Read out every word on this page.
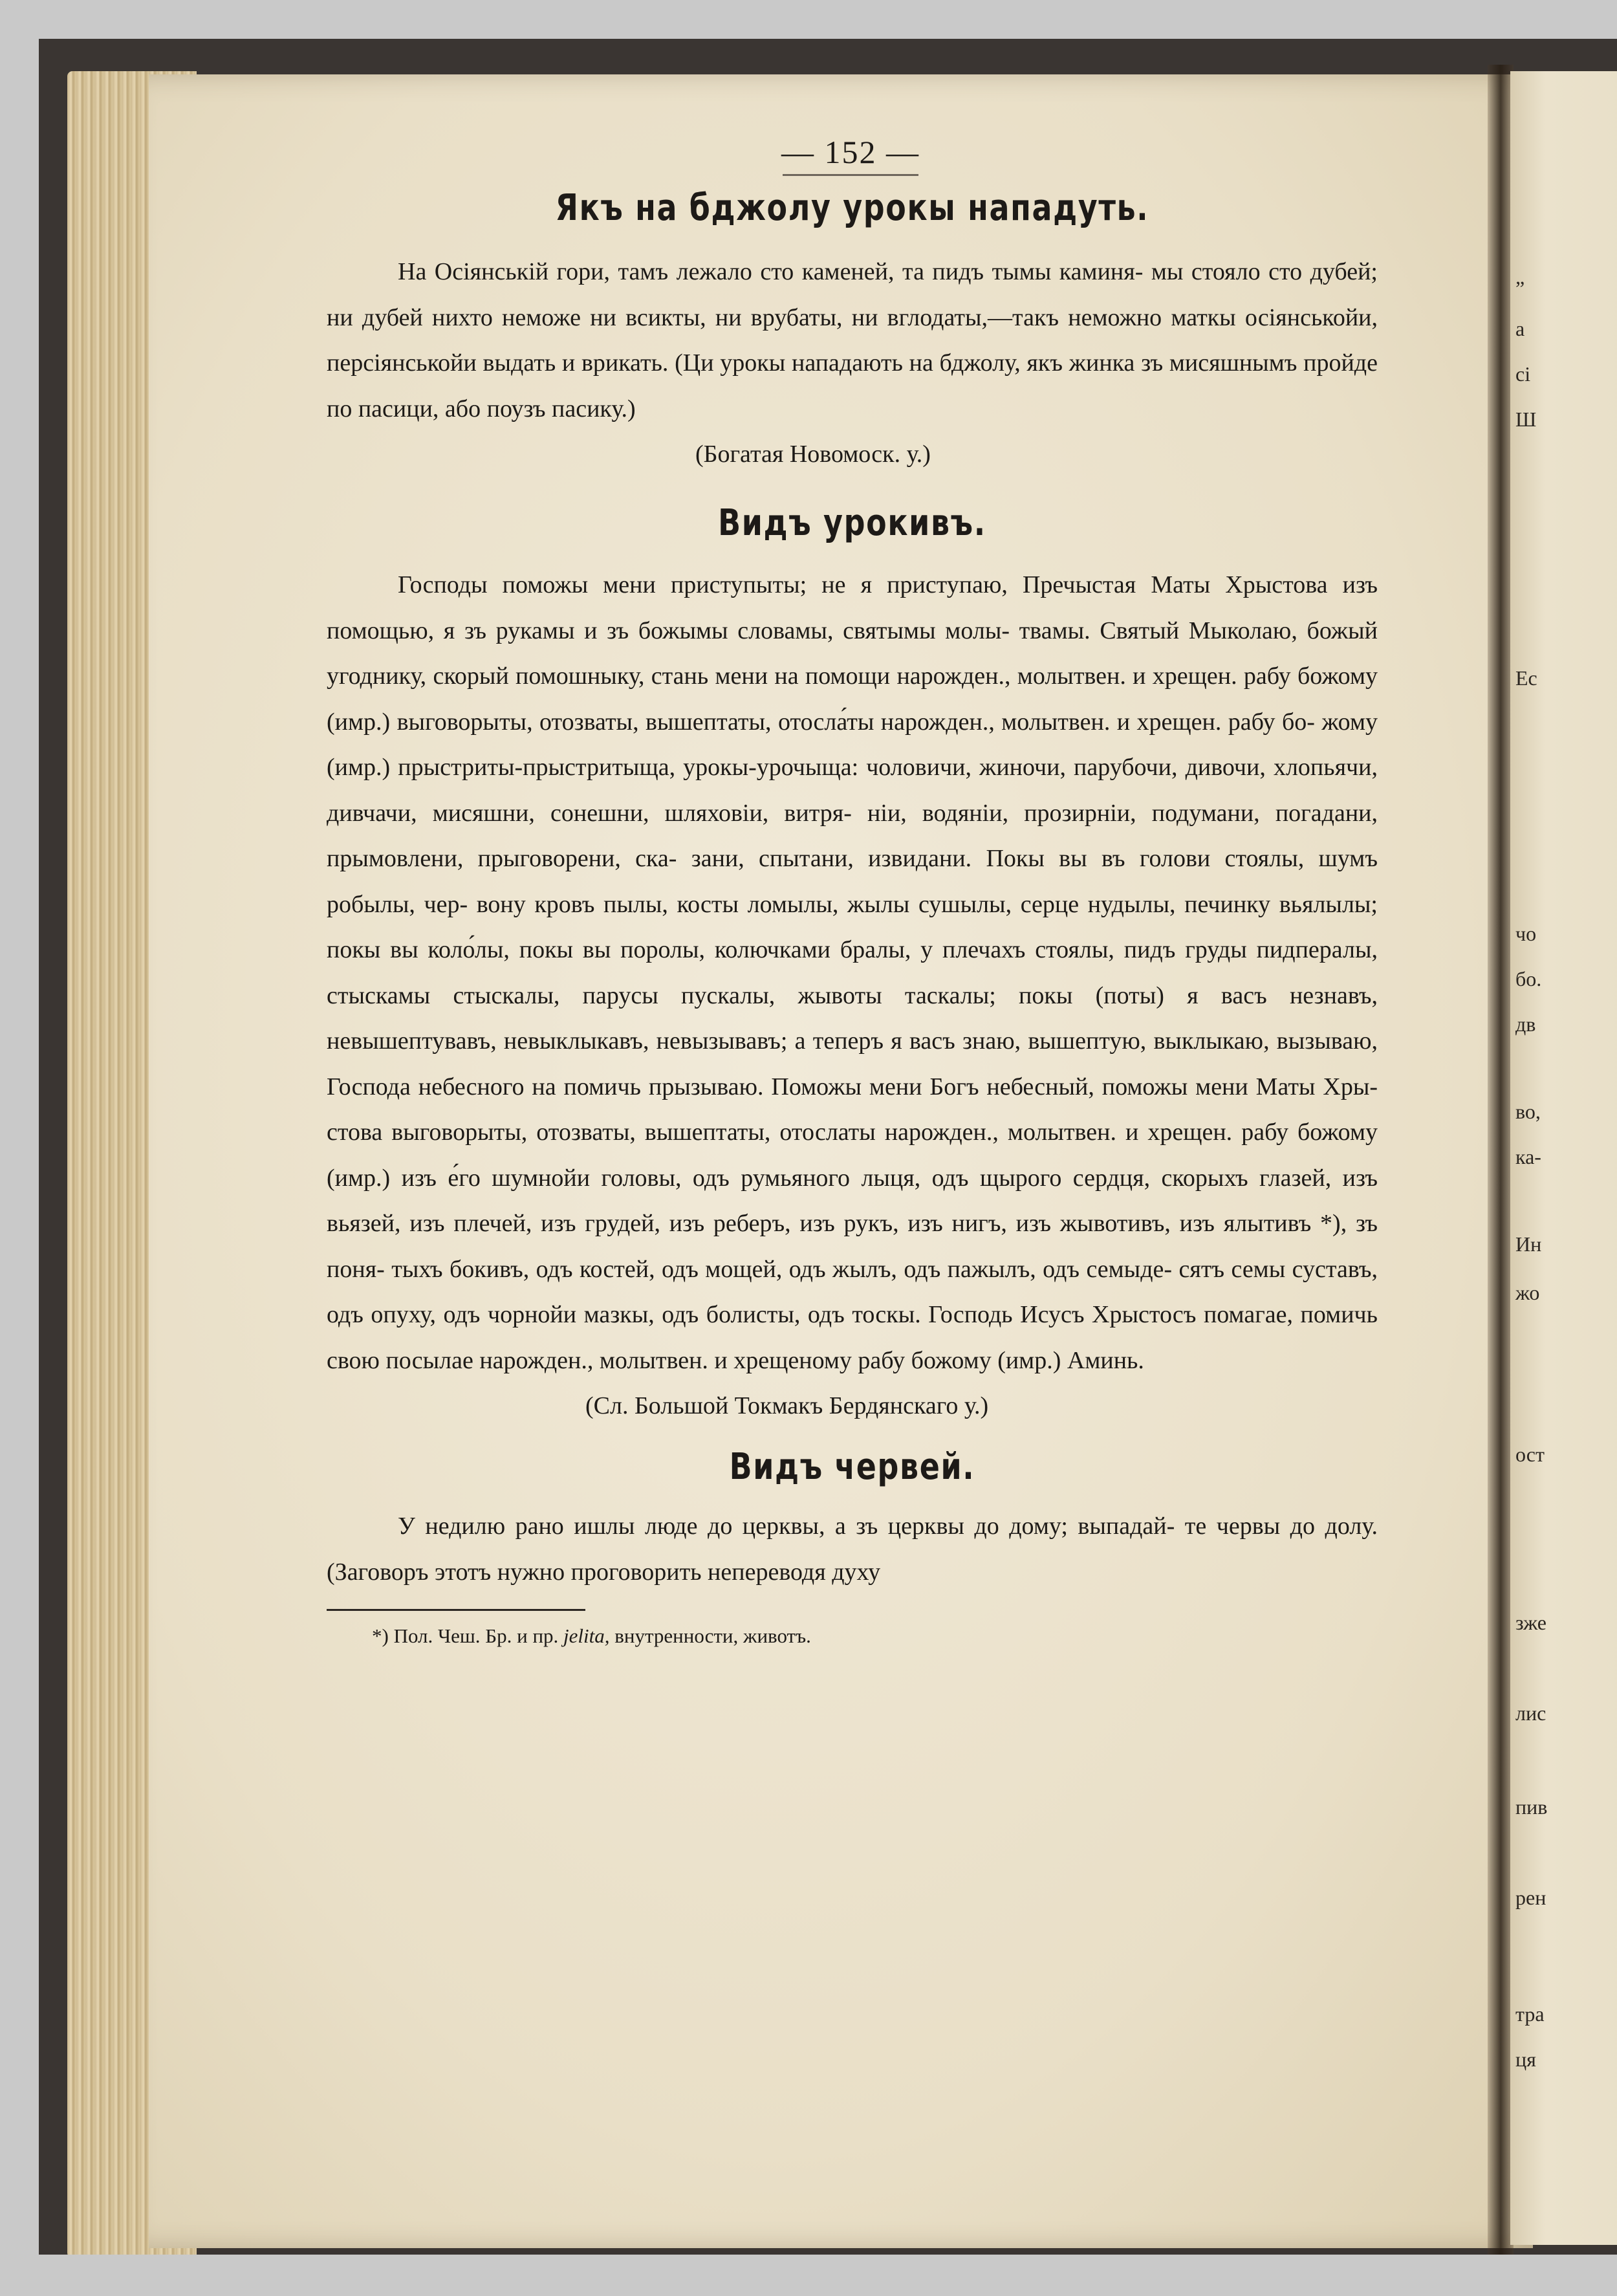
„
а
сі
Ш
Ес
чо
бо.
дв
во,
ка-
Ин
жо
ост
зже
лис
пив
рен
тра
ця
— 152 —
Якъ на бджолу урокы нападуть.

На Осіянській гори, тамъ лежало сто каменей, та пидъ тымы каминя- мы стояло сто дубей; ни дубей нихто неможе ни всикты, ни врубаты, ни вглодаты,—такъ неможно маткы осіянськойи, персіянськойи выдать и врикать. (Ци урокы нападають на бджолу, якъ жинка зъ мисяшнымъ пройде по пасици, або поузъ пасику.)

(Богатая Новомоск. у.)

Видъ урокивъ.

Господы поможы мени приступыты; не я приступаю, Пречыстая Маты Хрыстова изъ помощью, я зъ рукамы и зъ божымы словамы, святымы молы- твамы. Святый Мыколаю, божый угоднику, скорый помошныку, стань мени на помощи нарожден., молытвен. и хрещен. рабу божому (имр.) выговорыты, отозваты, вышептаты, отосла́ты нарожден., молытвен. и хрещен. рабу бо- жому (имр.) прыстриты-прыстритыща, урокы-урочыща: чоловичи, жиночи, парубочи, дивочи, хлопьячи, дивчачи, мисяшни, сонешни, шляховіи, витря- ніи, водяніи, прозирніи, подумани, погадани, прымовлени, прыговорени, ска- зани, спытани, извидани. Покы вы въ голови стоялы, шумъ робылы, чер- вону кровъ пылы, косты ломылы, жылы сушылы, серце нудылы, печинку вьялылы; покы вы коло́лы, покы вы поролы, колючками бралы, у плечахъ стоялы, пидъ груды пидпералы, стыскамы стыскалы, парусы пускалы, жывоты таскалы; покы (поты) я васъ незнавъ, невышептувавъ, невыклыкавъ, невызывавъ; а теперъ я васъ знаю, вышептую, выклыкаю, вызываю, Господа небесного на помичь прызываю. Поможы мени Богъ небесный, поможы мени Маты Хры- стова выговорыты, отозваты, вышептаты, отослаты нарожден., молытвен. и хрещен. рабу божому (имр.) изъ е́го шумнойи головы, одъ румьяного лыця, одъ щырого сердця, скорыхъ глазей, изъ вьязей, изъ плечей, изъ грудей, изъ реберъ, изъ рукъ, изъ нигъ, изъ жывотивъ, изъ ялытивъ *), зъ поня- тыхъ бокивъ, одъ костей, одъ мощей, одъ жылъ, одъ пажылъ, одъ семыде- сятъ семы суставъ, одъ опуху, одъ чорнойи мазкы, одъ болисты, одъ тоскы. Господь Исусъ Хрыстосъ помагае, помичь свою посылае нарожден., молытвен. и хрещеному рабу божому (имр.) Аминь.

(Сл. Большой Токмакъ Бердянскаго у.)

Видъ червей.

У недилю рано ишлы люде до церквы, а зъ церквы до дому; выпадай- те червы до долу. (Заговоръ этотъ нужно проговорить непереводя духу

*) Пол. Чеш. Бр. и пр. jelita, внутренности, животъ.
